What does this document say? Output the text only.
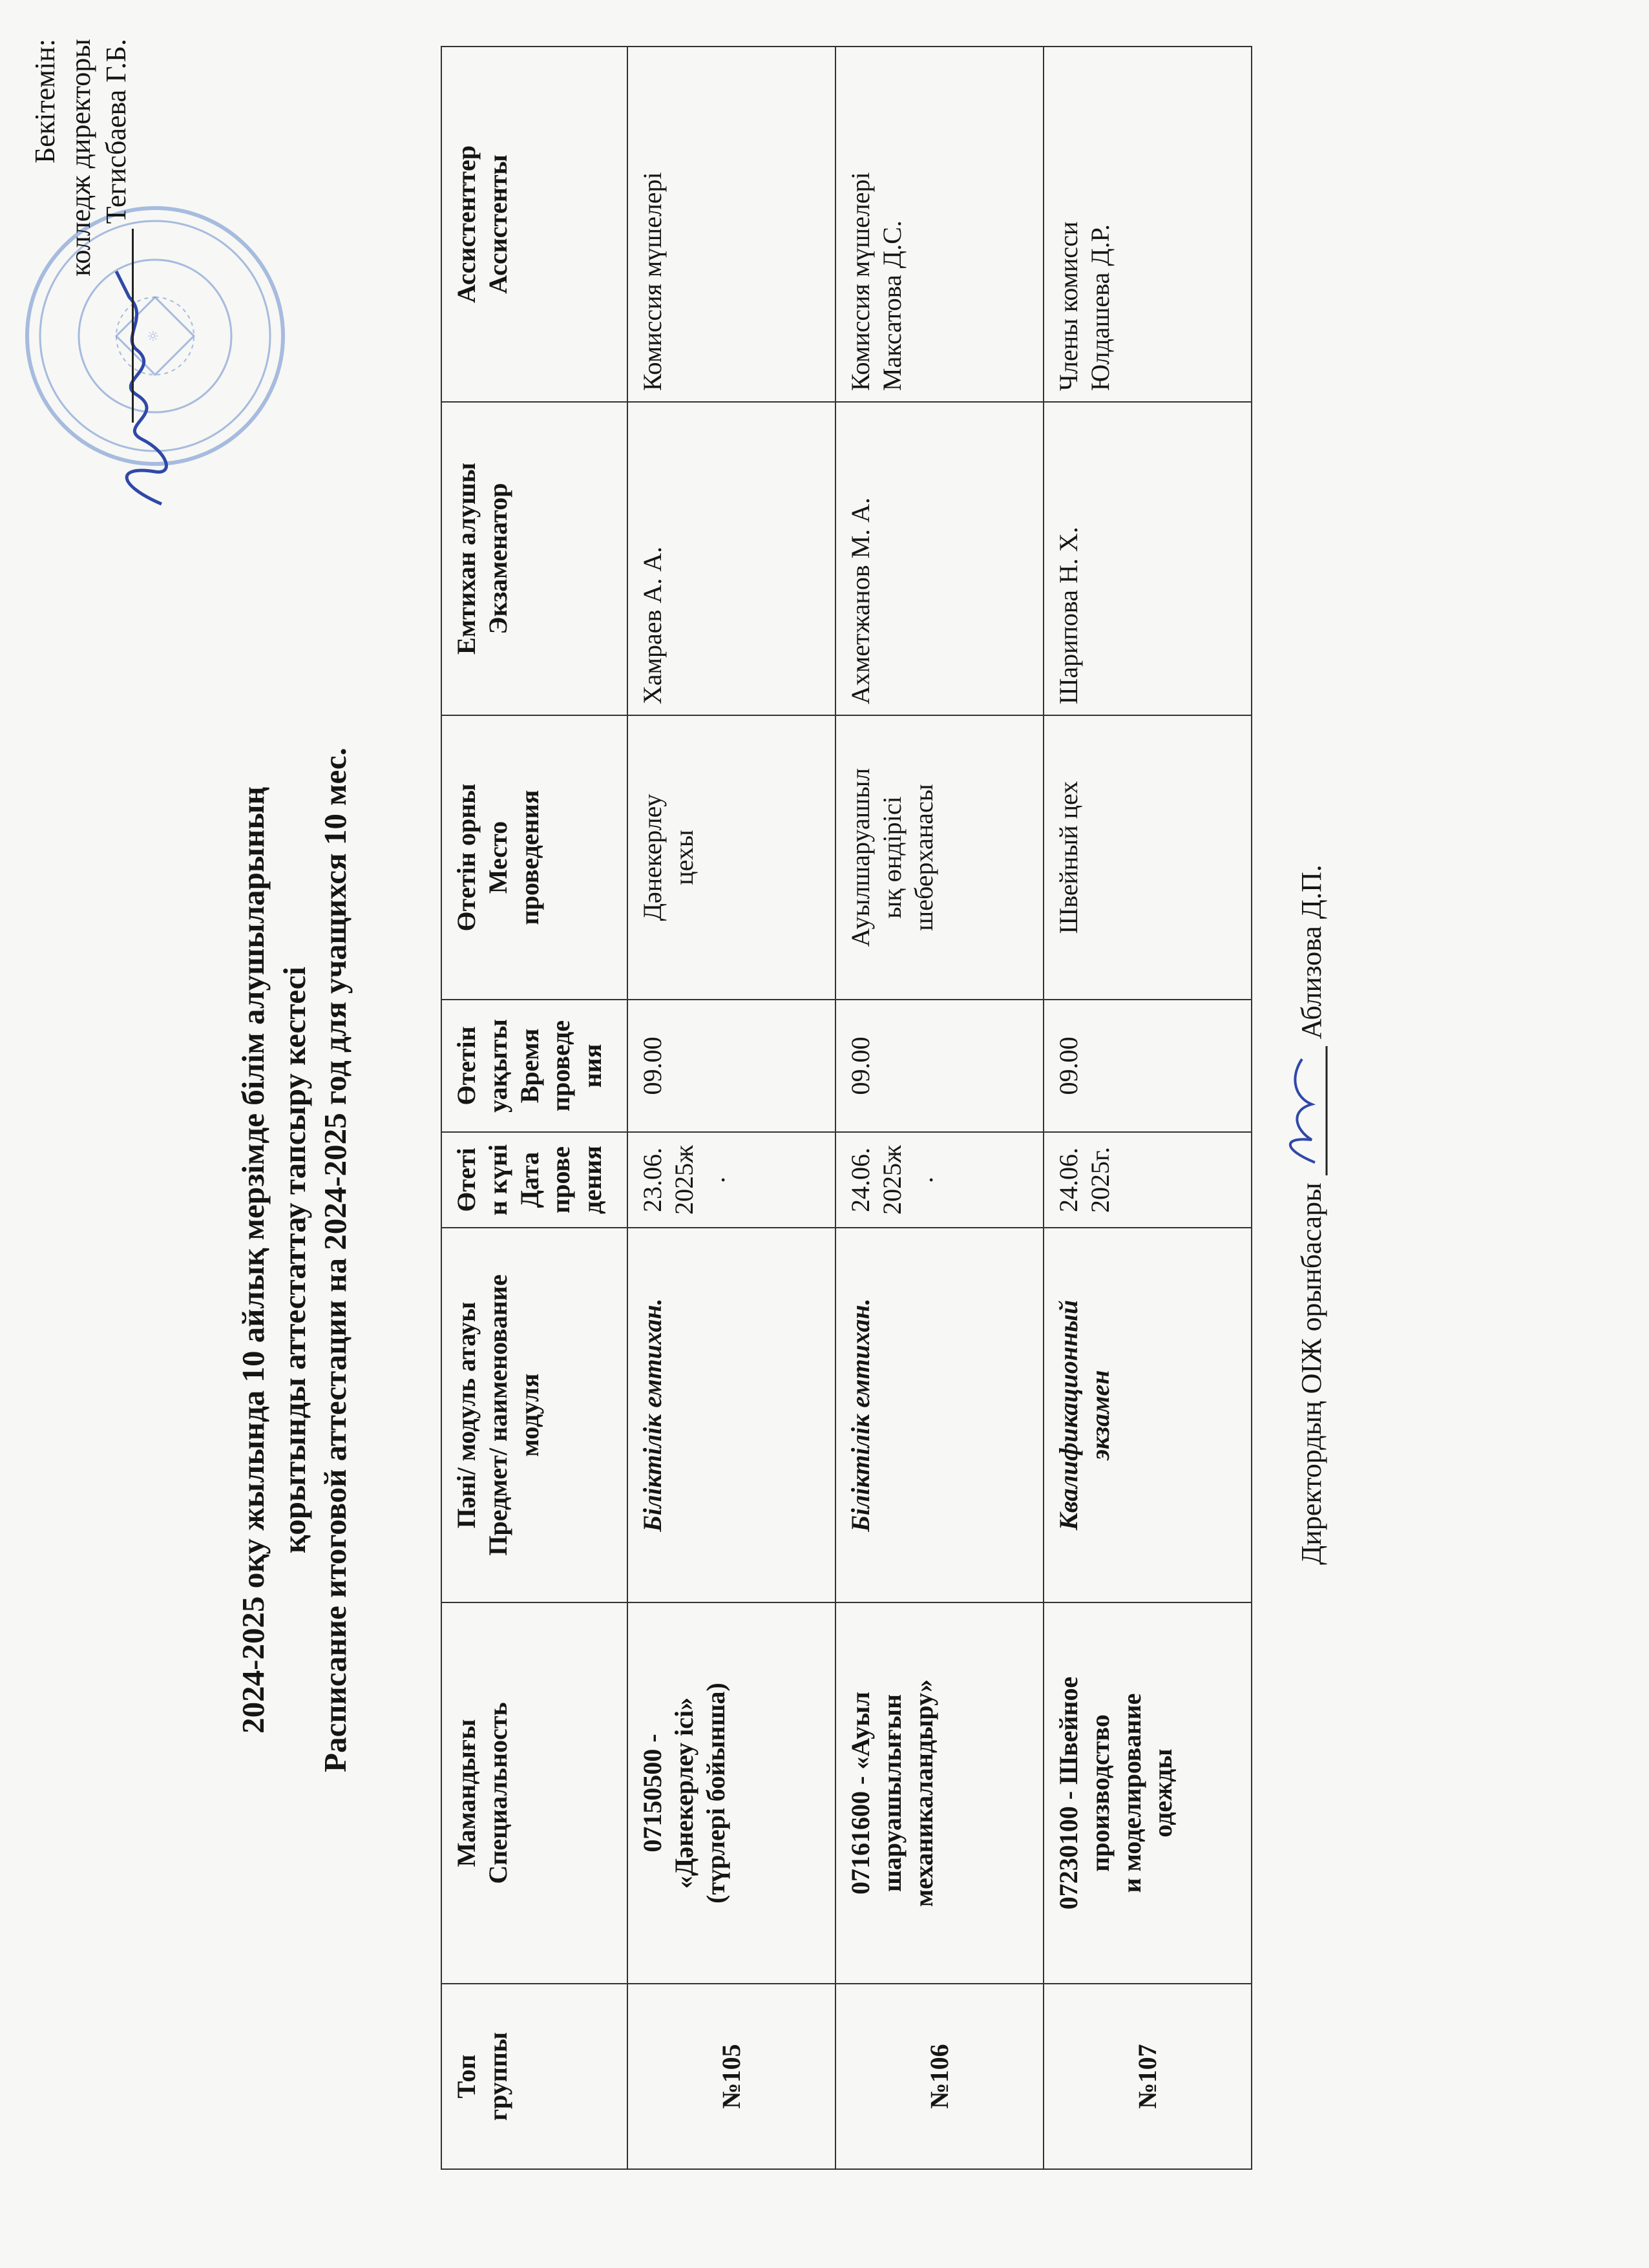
☼
Бекітемін: колледж директоры Тегисбаева Г.Б.
2024-2025 оқу жылында 10 айлық мерзімде білім алушыларының қорытынды аттестаттау тапсыру кестесі Расписание итоговой аттестации на 2024-2025 год для учащихся 10 мес.
Топ
группы	Мамандығы
Специальность	Пәні/ модуль атауы
Предмет/ наименование
модуля	Өтеті
н күні
Дата
прове
дения	Өтетін
уақыты
Время
проведе
ния	Өтетін орны
Место
проведения	Емтихан алушы
Экзаменатор	Ассистенттер
Ассистенты
№105	07150500 -
«Дәнекерлеу ісі»
(түрлері бойынша)	Біліктілік емтихан.	23.06.
2025ж
.	09.00	Дәнекерлеу
цехы	Хамраев А. А.	Комиссия мүшелері
№106	07161600 - «Ауыл
шаруашылығын
механикаландыру»	Біліктілік емтихан.	24.06.
2025ж
.	09.00	Ауылшаруашыл
ық өндірісі
шеберханасы	Ахметжанов М. А.	Комиссия мүшелері
Максатова Д.С.
№107	07230100 - Швейное
производство
и моделирование
одежды	Квалификационный
экзамен	24.06.
2025г.	09.00	Швейный цех	Шарипова Н. Х.	Члены комисси
Юлдашева Д.Р.
Директордың ОІЖ орынбасары  Аблизова Д.П.
